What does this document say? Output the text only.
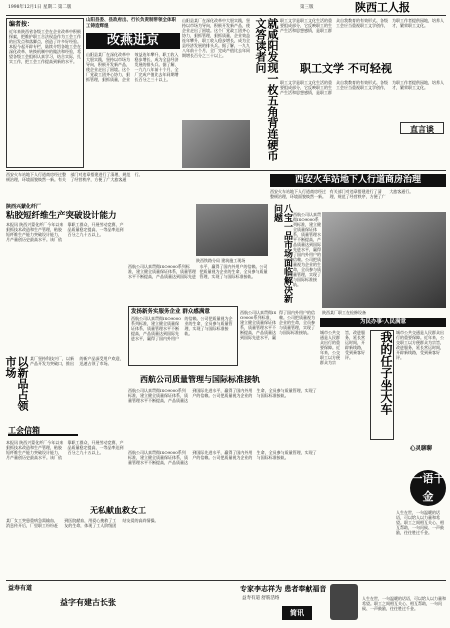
1998年12月1日 星期二 第二版	第三版	陕西工人报
编者按：
近年来陕西省各级工会在企业改革中积极探索，把维护职工合法权益作为工会工作的出发点和落脚点，创造了许多好经验。本报今起开辟专栏，陆续介绍各地工会在深化改革、转换机制中的做法和经验，希望各级工会组织认真学习，结合实际，扎实工作，把工会工作提高到新的水平。
山阳县委、县政府出、行长负责制带领全体职工铸造辉煌
改燕进京
山阳县某厂在深化改革中大胆实践，坚持以市场为导向，积极开发新产品，使企业走出了困境。这个厂党政工团齐心协力，狠抓管理，狠抓质量，企业效益连年攀升，职工收入稳步增长，成为全县经济发展的排头兵。据了解，一九九八年前十个月，全厂完成产值比去年同期增长百分之三十以上。
山阳县某厂在深化改革中大胆实践，坚持以市场为导向，积极开发新产品，使企业走出了困境。这个厂党政工团齐心协力，狠抓管理，狠抓质量，企业效益连年攀升，职工收入稳步增长，成为全县经济发展的排头兵。据了解，一九九八年前十个月，全厂完成产值比去年同期增长百分之三十以上。	就咸阳发现一枚五角背连硬币文答读者问	职工文学是职工文化生活的重要组成部分，它反映职工的生产生活和思想感情，是职工群众自我教育的有效形式。各级工会应当重视职工文学创作，为职工作者提供园地，培养人才，繁荣职工文化。
职工文学 不可轻视
职工文学是职工文化生活的重要组成部分，它反映职工的生产生活和思想感情，是职工群众自我教育的有效形式。各级工会应当重视职工文学创作，为职工作者提供园地，培养人才，繁荣职工文化。
直言谈
西安火车站地下人行道商房经过整顿治理，环境面貌焕然一新。有关部门对违章搭建进行了清理，规范了经营秩序，方便了广大旅客通行。
西安火车站地下人行道商房治理
西安火车站地下人行道商房经过整顿治理，环境面貌焕然一新。有关部门对违章搭建进行了清理，规范了经营秩序，方便了广大旅客通行。
陕西兴蒙化纤厂
粘胶短纤维生产突破设计能力
本报讯 陕西兴蒙化纤厂今年以来狠抓技术改造和生产管理，粘胶短纤维生产能力突破设计能力，月产量创历史最高水平。该厂依靠职工群众，开展劳动竞赛，产品质量稳定提高，一等品率达到百分之九十五以上。
陕西铁路分局 建筑施工现场
陕西某厂职工在检修设备
西航公司认真贯彻ISO9000系列标准，建立健全质量保证体系，质量管理水平不断提高，产品质量达到国际先进水平，赢得了国内外用户的信赖。公司把质量视为企业的生命，全员参与质量管理，实现了与国际标准接轨。	八宝一品市场面临解决新问题	西航公司认真贯彻ISO9000系列标准，建立健全质量保证体系，质量管理水平不断提高，产品质量达到国际先进水平，赢得了国内外用户的信赖。公司把质量视为企业的生命，全员参与质量管理，实现了与国际标准接轨。
发扬新务实服务企业 群众感满意
西航公司认真贯彻ISO9000系列标准，建立健全质量保证体系，质量管理水平不断提高，产品质量达到国际先进水平，赢得了国内外用户的信赖。公司把质量视为企业的生命，全员参与质量管理，实现了与国际标准接轨。
西航公司认真贯彻ISO9000系列标准，建立健全质量保证体系，质量管理水平不断提高，产品质量达到国际先进水平，赢得了国内外用户的信赖。公司把质量视为企业的生命，全员参与质量管理，实现了与国际标准接轨。
以新品占领市场	某厂坚持科技兴厂，以新产品开发为突破口，推出的新产品深受用户欢迎，迅速占领了市场。
西航公司质量管理与国际标准接轨
西航公司认真贯彻ISO9000系列标准，建立健全质量保证体系，质量管理水平不断提高，产品质量达到国际先进水平，赢得了国内外用户的信赖。公司把质量视为企业的生命，全员参与质量管理，实现了与国际标准接轨。
工会信箱
本报讯 陕西兴蒙化纤厂今年以来狠抓技术改造和生产管理，粘胶短纤维生产能力突破设计能力，月产量创历史最高水平。该厂依靠职工群众，开展劳动竞赛，产品质量稳定提高，一等品率达到百分之九十五以上。
无私献血救女工
某厂女工突患重病急需输血，消息传开后，厂里职工纷纷赶到医院献血，用爱心挽救了工友的生命，体现了工人阶级团结友爱的高尚情操。
西航公司认真贯彻ISO9000系列标准，建立健全质量保证体系，质量管理水平不断提高，产品质量达到国际先进水平，赢得了国内外用户的信赖。公司把质量视为企业的生命，全员参与质量管理，实现了与国际标准接轨。
为民办事·人民满意
我的任子坐大车
城市公共交通是人民群众出行的重要保障。近年来，公交职工以方便群众为宗旨，改进服务，延长营运时间，开辟新线路，受到乘客好评。
城市公共交通是人民群众出行的重要保障。近年来，公交职工以方便群众为宗旨，改进服务，延长营运时间，开辟新线路，受到乘客好评。
一语千金
心灵聊聊
人生在世，一句温暖的话语，可以给人以力量和希望。职工之间相互关心、相互帮助，一句问候、一声鼓励，往往胜过千金。
专家李志祥为 患者奉献福音
益寿有道 舒筋活络	人生在世，一句温暖的话语，可以给人以力量和希望。职工之间相互关心、相互帮助，一句问候、一声鼓励，往往胜过千金。
益字有建古长张
益寿有道
简讯
